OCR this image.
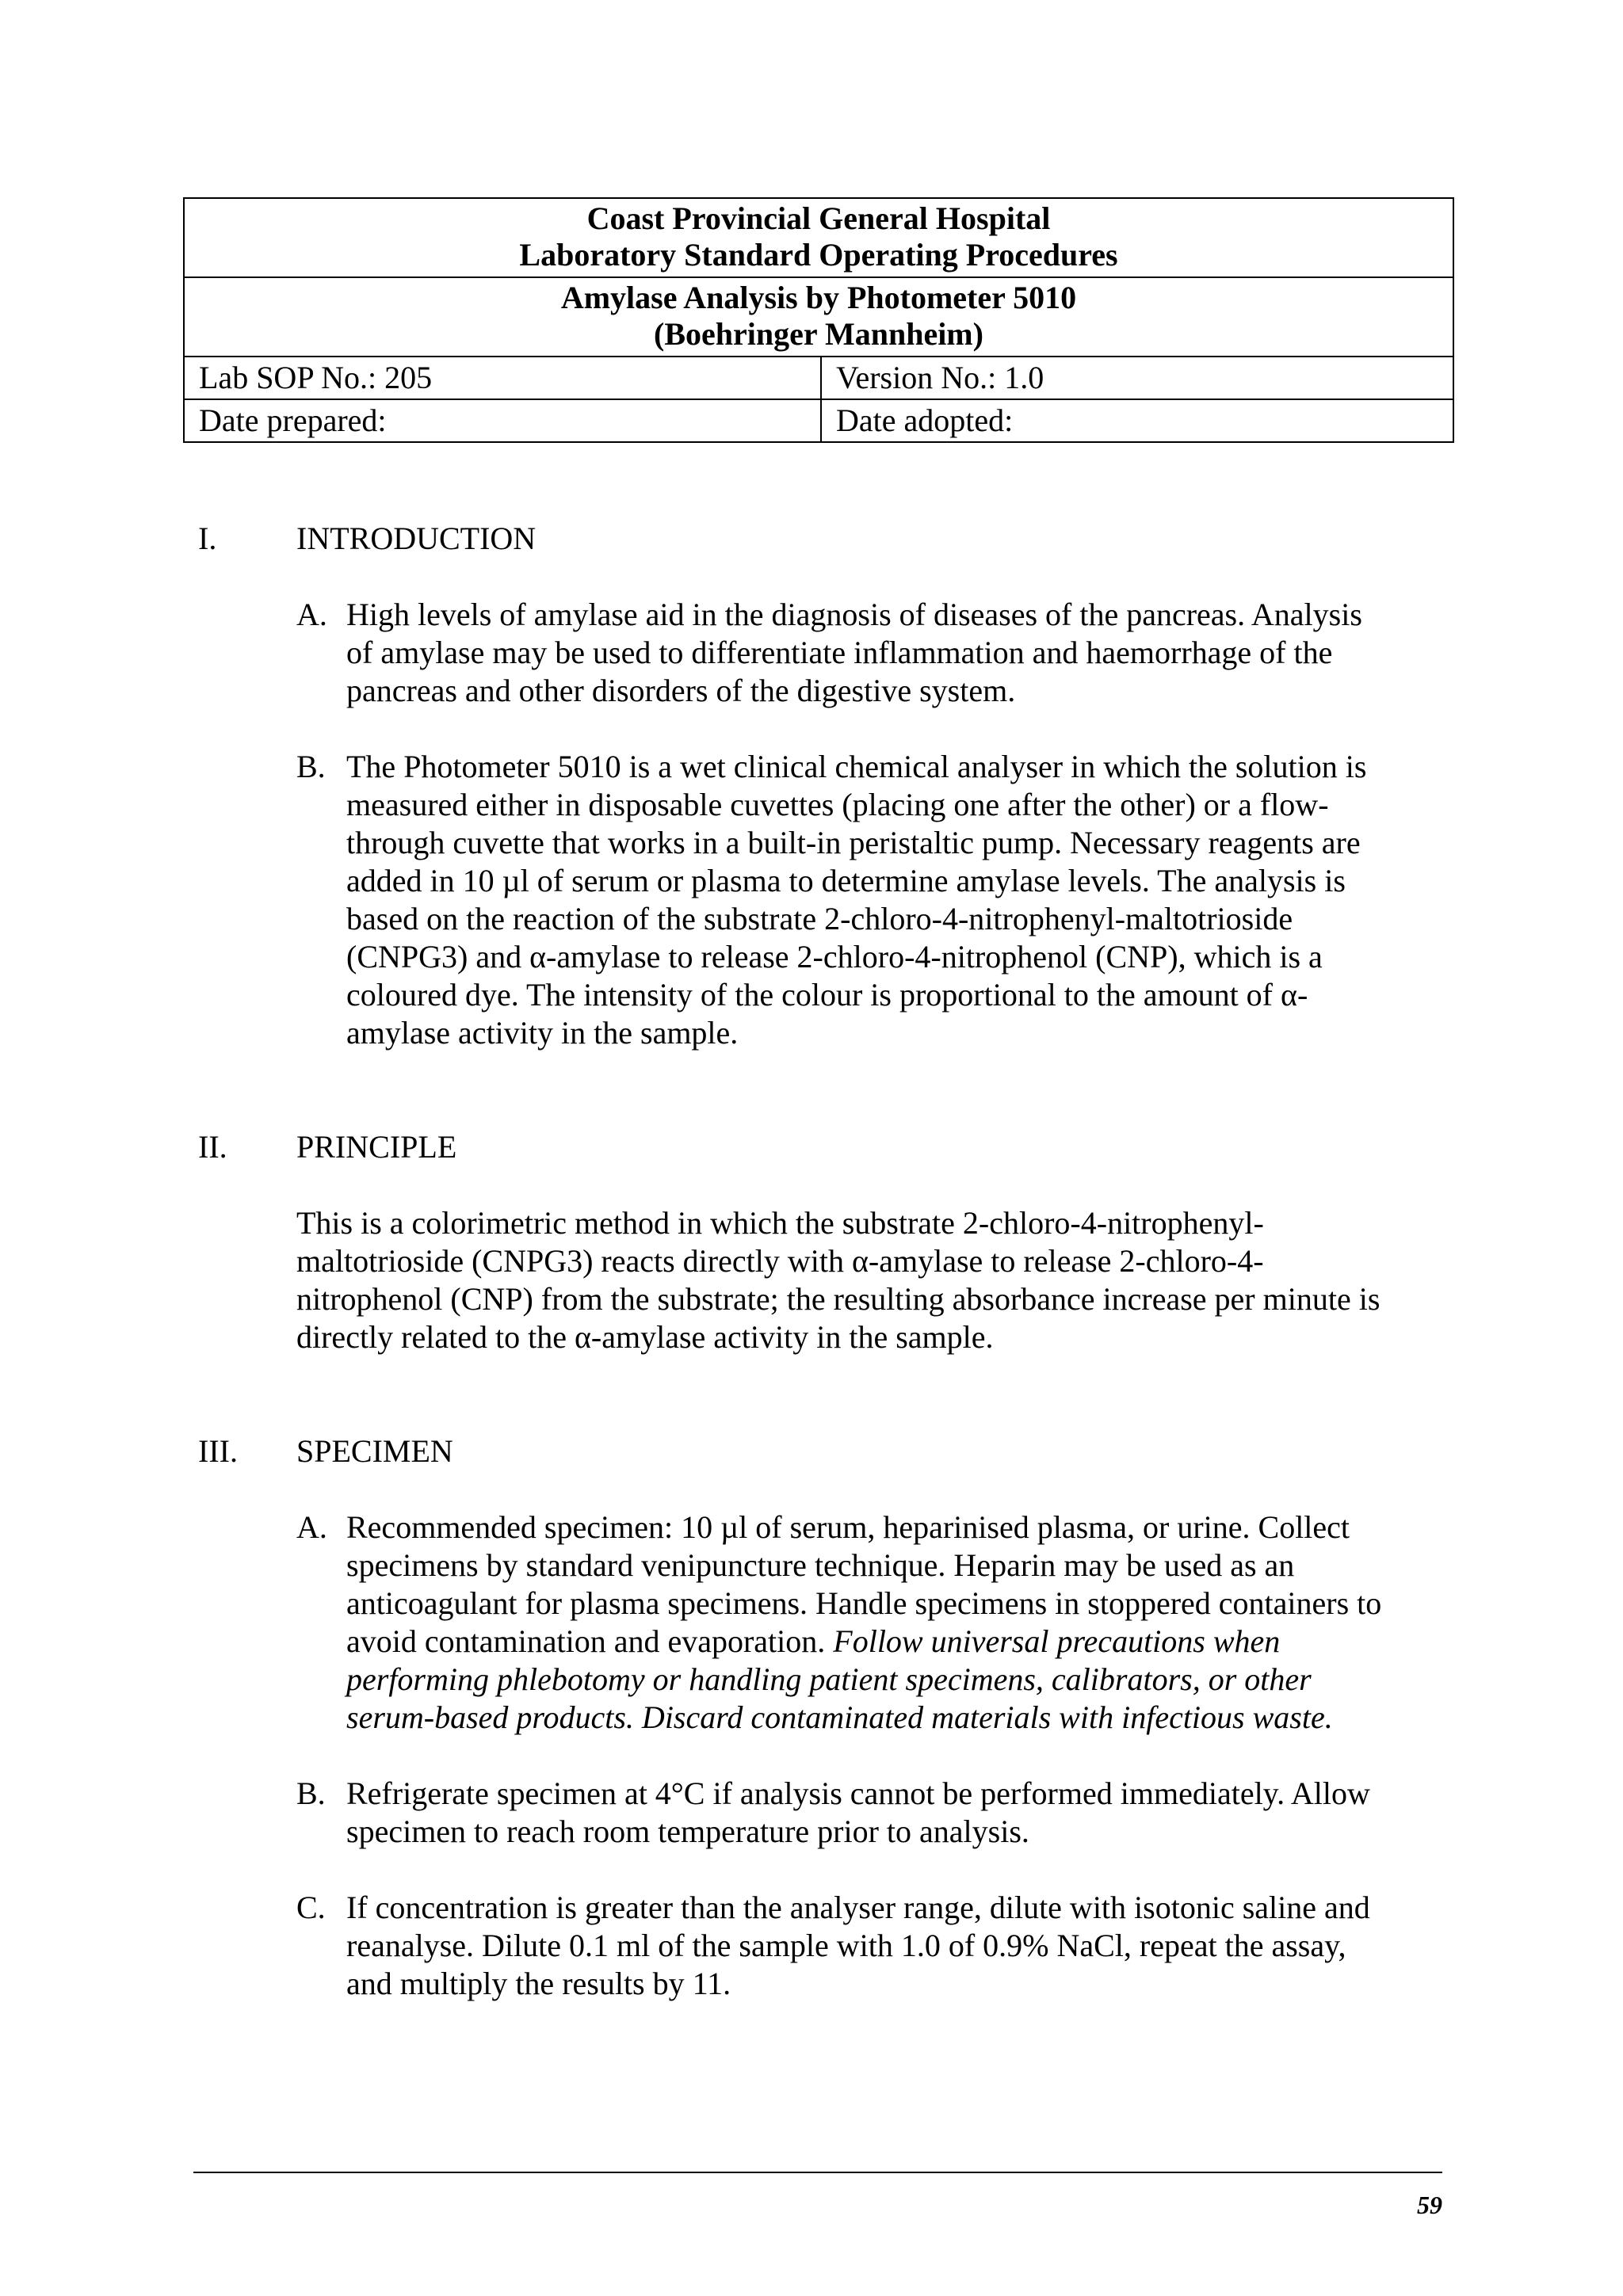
Coast Provincial General Hospital
Laboratory Standard Operating Procedures	

Amylase Analysis by Photometer 5010
(Boehringer Mannheim)	

Lab SOP No.: 205	Version No.: 1.0
Date prepared:	Date adopted:
I.	INTRODUCTION
A. High levels of amylase aid in the diagnosis of diseases of the pancreas. Analysis
of amylase may be used to differentiate inflammation and haemorrhage of the
pancreas and other disorders of the digestive system.
B. The Photometer 5010 is a wet clinical chemical analyser in which the solution is
measured either in disposable cuvettes (placing one after the other) or a flow-
through cuvette that works in a built-in peristaltic pump. Necessary reagents are
added in 10 µl of serum or plasma to determine amylase levels. The analysis is
based on the reaction of the substrate 2-chloro-4-nitrophenyl-maltotrioside
(CNPG3) and α-amylase to release 2-chloro-4-nitrophenol (CNP), which is a
coloured dye. The intensity of the colour is proportional to the amount of α-
amylase activity in the sample.
II. PRINCIPLE
This is a colorimetric method in which the substrate 2-chloro-4-nitrophenyl-
maltotrioside (CNPG3) reacts directly with α-amylase to release 2-chloro-4-
nitrophenol (CNP) from the substrate; the resulting absorbance increase per minute is
directly related to the α-amylase activity in the sample.
III. SPECIMEN
A. Recommended specimen: 10 µl of serum, heparinised plasma, or urine. Collect
specimens by standard venipuncture technique. Heparin may be used as an
anticoagulant for plasma specimens. Handle specimens in stoppered containers to
avoid contamination and evaporation. Follow universal precautions when
performing phlebotomy or handling patient specimens, calibrators, or other
serum-based products. Discard contaminated materials with infectious waste.
B. Refrigerate specimen at 4°C if analysis cannot be performed immediately. Allow
specimen to reach room temperature prior to analysis.
C. If concentration is greater than the analyser range, dilute with isotonic saline and
reanalyse. Dilute 0.1 ml of the sample with 1.0 of 0.9% NaCl, repeat the assay,
and multiply the results by 11.
59
